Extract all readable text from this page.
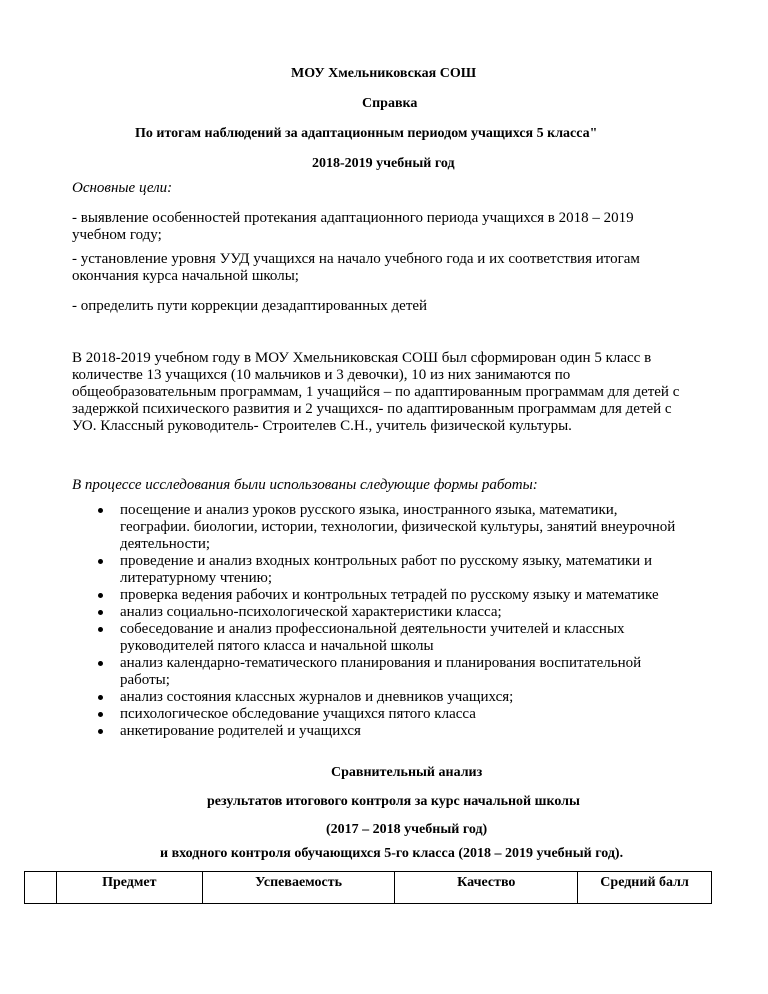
МОУ Хмельниковская СОШ

Справка

По итогам наблюдений за адаптационным периодом учащихся 5 класса"

2018-2019 учебный год

Основные цели:

- выявление особенностей протекания адаптационного периода учащихся в 2018 – 2019
учебном году;
- установление уровня УУД учащихся на начало учебного года и их соответствия итогам
окончания курса начальной школы;
- определить пути коррекции дезадаптированных детей
В 2018-2019 учебном году в МОУ Хмельниковская СОШ был сформирован один 5 класс в
количестве 13 учащихся (10 мальчиков и 3 девочки), 10 из них занимаются по
общеобразовательным программам, 1 учащийся – по адаптированным программам для детей с
задержкой психического развития и 2 учащихся- по адаптированным программам для детей с
УО. Классный руководитель- Строителев С.Н., учитель физической культуры.

В процессе исследования были использованы следующие формы работы:

посещение и анализ уроков русского языка, иностранного языка, математики,
географии. биологии, истории, технологии, физической культуры, занятий внеурочной
деятельности;
проведение и анализ входных контрольных работ по русскому языку, математики и
литературному чтению;
проверка ведения рабочих и контрольных тетрадей по русскому языку и математике
анализ социально-психологической характеристики класса;
собеседование и анализ профессиональной деятельности учителей и классных
руководителей пятого класса и начальной школы
анализ календарно-тематического планирования и планирования воспитательной
работы;
анализ состояния классных журналов и дневников учащихся;
психологическое обследование учащихся пятого класса
анкетирование родителей и учащихся

Сравнительный анализ

результатов итогового контроля за курс начальной школы

(2017 – 2018 учебный год)

и входного контроля обучающихся 5-го класса (2018 – 2019 учебный год).

	Предмет	Успеваемость	Качество	Средний балл
